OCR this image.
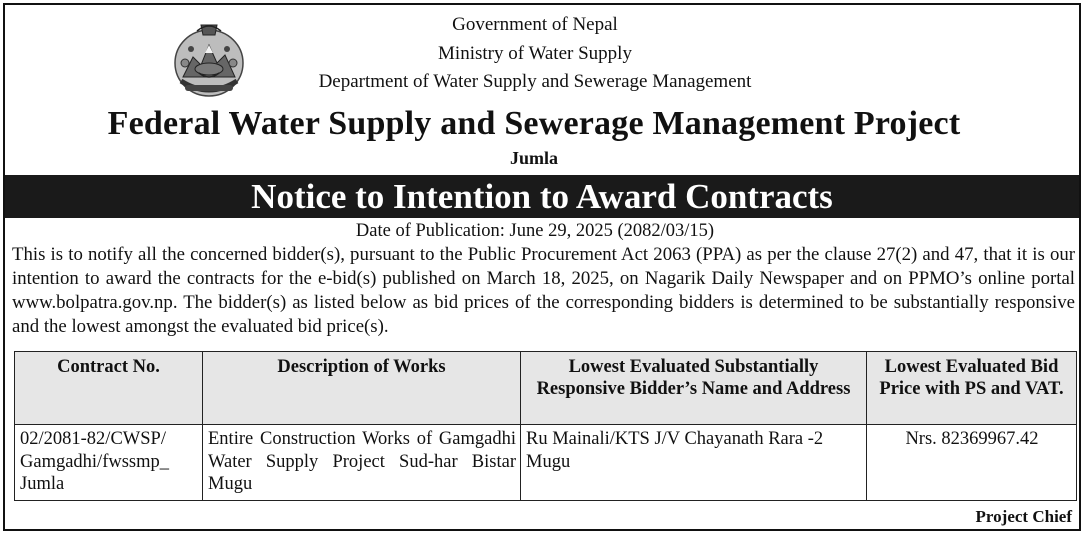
Government of Nepal
Ministry of Water Supply
Department of Water Supply and Sewerage Management
Federal Water Supply and Sewerage Management Project
Jumla
Notice to Intention to Award Contracts
Date of Publication: June 29, 2025 (2082/03/15)
This is to notify all the concerned bidder(s), pursuant to the Public Procurement Act 2063 (PPA) as per the clause 27(2) and 47, that it is our intention to award the contracts for the e-bid(s) published on March 18, 2025, on Nagarik Daily Newspaper and on PPMO’s online portal www.bolpatra.gov.np. The bidder(s) as listed below as bid prices of the corresponding bidders is determined to be substantially responsive and the lowest amongst the evaluated bid price(s).
Contract No.	Description of Works	Lowest Evaluated Substantially Responsive Bidder’s Name and Address	Lowest Evaluated Bid Price with PS and VAT.
02/2081-82/CWSP/ Gamgadhi/fwssmp_ Jumla	Entire Construction Works of Gamgadhi Water Supply Project Sud-har Bistar Mugu	Ru Mainali/KTS J/V Chayanath Rara -2 Mugu	Nrs. 82369967.42
Project Chief
